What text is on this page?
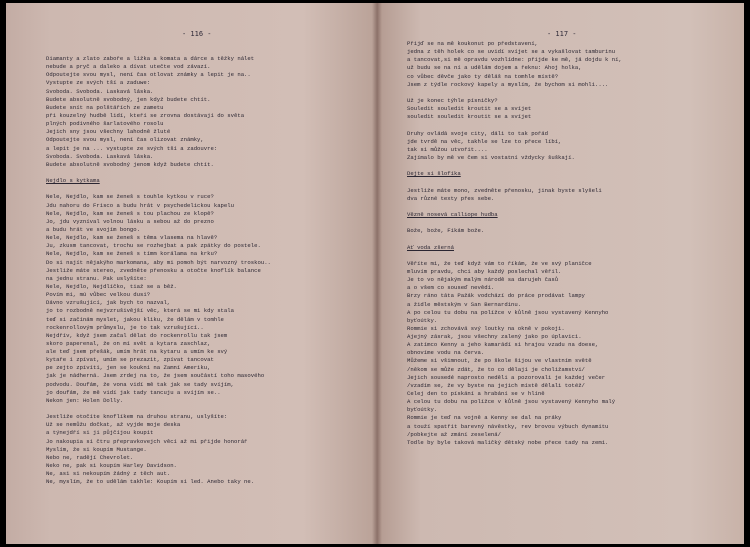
- 116 -
Diamanty a zlato zaboře a ližka a komata a dárce a těžky nálet
nebude a pryč a daleko a dívat utečte vod závazí.
Odpoutejte svou mysl, není čas otlovat známky a lepit je na..
Vystupte ze svých tší a zaduwe:
Svoboda. Svoboda. Laskavá láska.
Budete absolutně svobodný, jen když budete chtít.
Budete snít na polštářích ze zametu
při kouzelný hudbě lidí, kteří se zrovna dostávají do světa
plných podivného šarlatového rosolu
Jejich sny jsou všechny lahodně žluté
Odpoutejte svou mysl, není čas olizovat známky,
a lepit je na ... vystupte ze svých tší a zadouvre:
Svoboda. Svoboda. Laskavá láska.
Budete absolutně svobodný jenom když budete chtít.
Nejdlo s kytkama
Nele, Nejdlo, kam se ženeš s touhle kytkou v ruce?
Jdu nahoru do Frisco a budu hrát v psychedelickou kapelu
Nele, Nejdlo, kam se ženeš s tou plachou ze klopě?
Jo, jdu vyzníval volnou lásku a sebou až do prezno
a budu hrát ve svojím bongo.
Nele, Nejdlo, kam se ženeš s těma vlasema na hlavě?
Ju, zkusm tancovat, trochu se rozhejbat a pak zpátky do postele.
Nele, Nejdlo, kam se ženeš s tímm korálama na krku?
Do si najít nějakýho markomana, aby mi pomoh být narvozný troskou..
Jestliže máte stereo, zvedněte přenosku a otočte knoflík balance
na jednu stranu. Pak uslyšíte:
Nele, Nejdlo, Nejdlíčko, tiaž se a běž.
Povím mi, mú vůbec velkou dusi?
Dávno vzrušující, jak bych to nazval,
jo to rozbodně nejvzrušivější věc, která se mi kdy stala
teď si začínám myslet, jakou kliku, že dělám v tomhle
rockenrollovým průmyslu, je to tak vzrušující..
Nejdřív, když jsem začal dělat do rockenrollu tak jsem
skoro paperenal, že on mí svět a kytara zaschlaz,
ale teď jsem přešák, umím hrát na kytaru a umím ke svý
kytaře i zpívat, umím se prezazit, zpívat tancovat
pe zejto zpívíti, jen se koukni na Zamní Ameriku,
jak je nádherná. Jsem zrdej na to, že jsem součástí toho masového
podvodu. Doufám, že vona vidí mě tak jak se tady svíjím,
jo doufám, že mě vidí jak tady tancuju a svíjím se..
Nekon jen: Holen Dolly.
Jestliže otočíte knoflíkem na druhou stranu, uslyšíte:
Už se nemůžu dočkat, až vyjde moje deska
a týnejdří si ji půjčíjou koupit
Jo nakoupia si čtru přepravkovejch věcí až mi přijde honorář
Myslím, že si koupím Mustange.
Nebo ne, radějí Chevrolet.
Neko ne, pak si koupím Harley Davidson.
Ne, asi si nekoupím žádný z těch aut.
Ne, myslím, že to udělám takhle: Koupím si led. Anebo taky ne.
- 117 -
Přijď se na mě koukonut po představení,
jedna z těh holek co se uvidí svíjet se a vykašlovat tamburinu
a tancovat,si mě opravdu vozhlídne: přijde ke mě, já dojdu k ní,
už budu se na ní a udělám dojem a řeknu: Ahoj holka,
co vůbec děvče jako ty děláš na tomhle místě?
Jsem z týdle rockový kapely a myslím, že bychom si mohli....
Už je konec týhle písničky?
Souledit souledit kroutit se a svíjet
souledit souledit kroutit se a svíjet
Druhy ovládá svoje city, dáli to tak pořád
jde tvrdě na věc, takhle se lze to přece líbí,
tak si můžou utvořit....
Zajímalo by mě ve čem si vostatní vždycky šuškají.
Dejte si šlofíka
Jestliže máte mono, zvedněte přenosku, jinak byste slyšeli
dva různé texty přes sebe.
Vězně nosevá calliope hudba
Bože, bože, Fikám bože.
Ať voda zšerná
Věříte mi, že teď když vám to říkám, že ve svý planičce
mluvím pravdu, chci aby každý poslechal věřil.
Je to vo nějakým malým národě sa darujeh časů
a o všem co souseď nevědí.
Brzy ráno táta Pažák vodchází do práce prodávat lampy
a židle městským v San Bernardinu.
A po celou tu dobu na polížce v kůlně jsou vystavený Kennyho
byťoútky.
Rommie si zchovává svý loutky na okně v pokoji.
Ajejný zásrak, jsou všechny zalený jako po úplavici.
A zatímco Kenny a jeho kamarádí si hrajou vzadu na doese,
obnovíme vodu na červa.
Můžeme si všimnout, že po škole šijou ve vlastním světě
/někom se může zdát, že to co dělají je choližamstvi/
Jejich sousedé naprosto neděli a pozorovali je každej večer
/vzadím se, že vy byste na jejich místě dělali totéž/
Celej den to pískání a hrabání se v hlíně
A celou tu dobu na polížce v kůlně jsou vystavený Kennyho malý
byťoútky.
Rommie je teď na vojně a Kenny se dal na práky
a touží spatřit barevný návěstky, rev brovou výbuch dynamitu
/pobkejte až zmání zeselená/
Todle by byle taková maličký dětský nobe přece tady na zemi.
